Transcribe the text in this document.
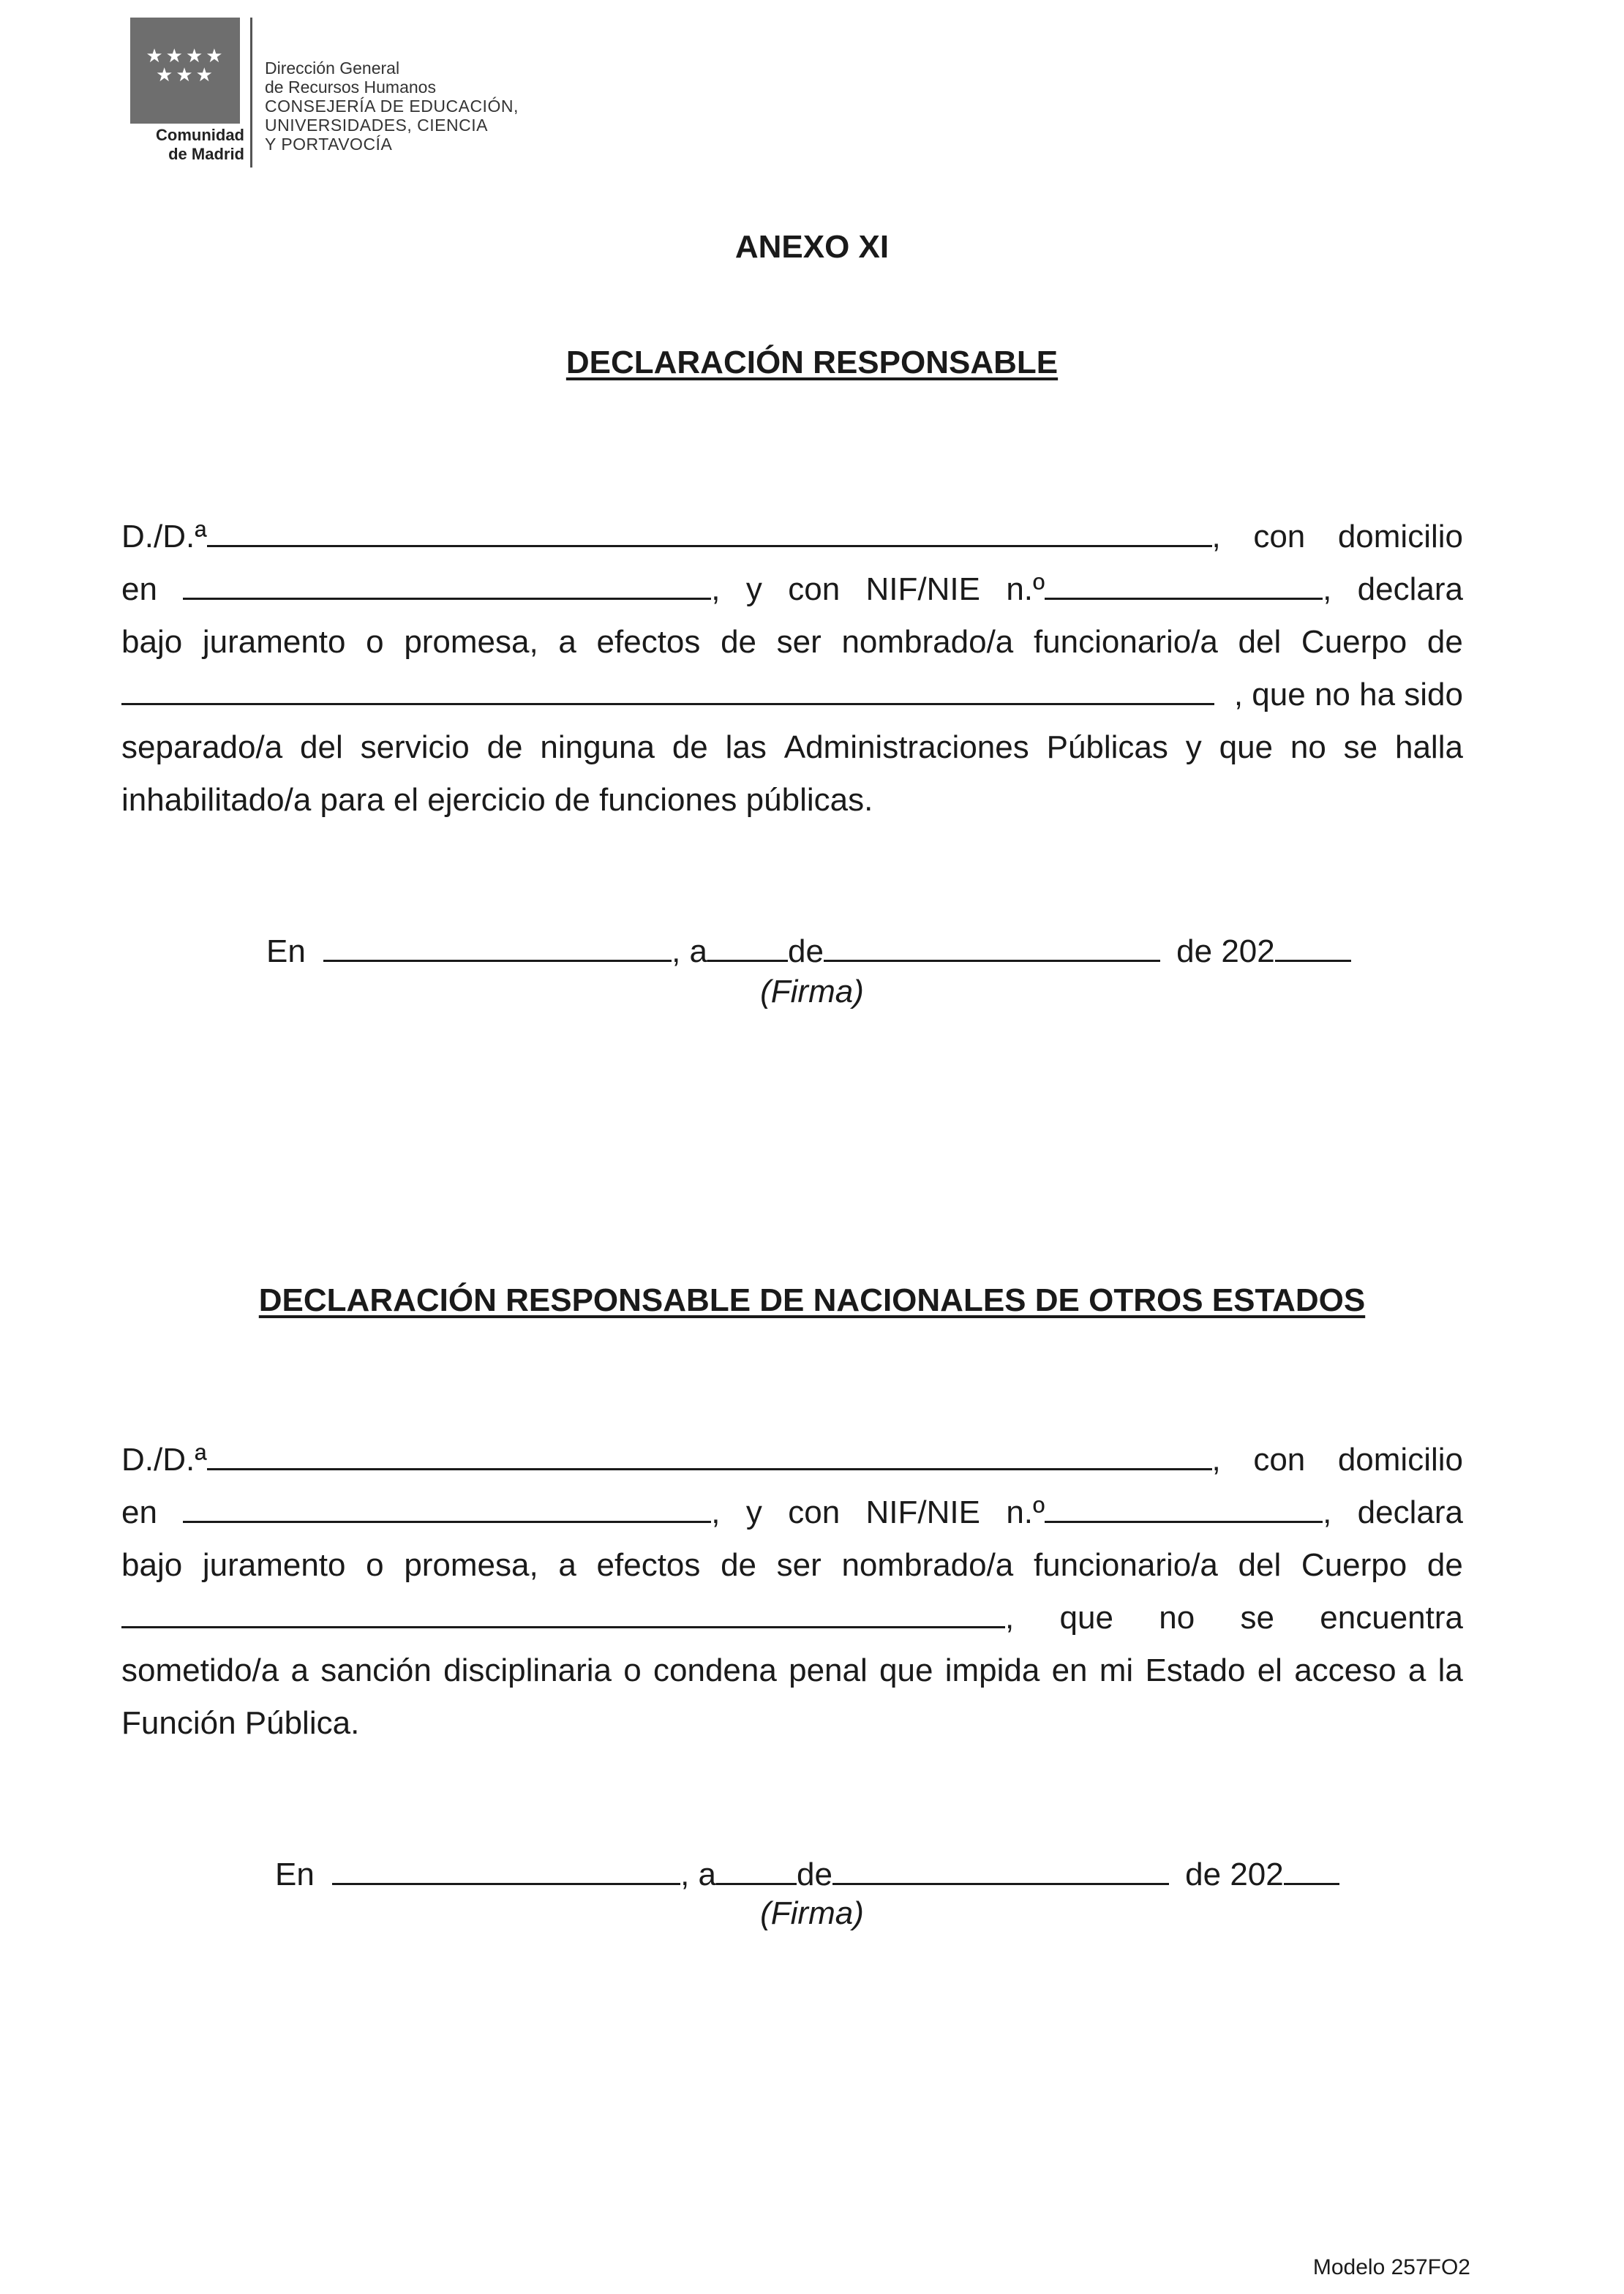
★★★★
★★★
Comunidad
de Madrid
Dirección General
de Recursos Humanos
CONSEJERÍA DE EDUCACIÓN,
UNIVERSIDADES, CIENCIA
Y PORTAVOCÍA
ANEXO XI
DECLARACIÓN RESPONSABLE
D./D.ª	, con domicilio
en	, y con NIF/NIE n.º	, declara
bajo juramento o promesa, a efectos de ser nombrado/a funcionario/a del Cuerpo de
, que no ha sido
separado/a del servicio de ninguna de las Administraciones Públicas y que no se halla
inhabilitado/a para el ejercicio de funciones públicas.
En	, a	de	de 202
(Firma)
DECLARACIÓN RESPONSABLE DE NACIONALES DE OTROS ESTADOS
D./D.ª	, con domicilio
en	, y con NIF/NIE n.º	, declara
bajo juramento o promesa, a efectos de ser nombrado/a funcionario/a del Cuerpo de
, que no se encuentra
sometido/a a sanción disciplinaria o condena penal que impida en mi Estado el acceso a la
Función Pública.
En	, a	de	de 202
(Firma)
Modelo 257FO2
